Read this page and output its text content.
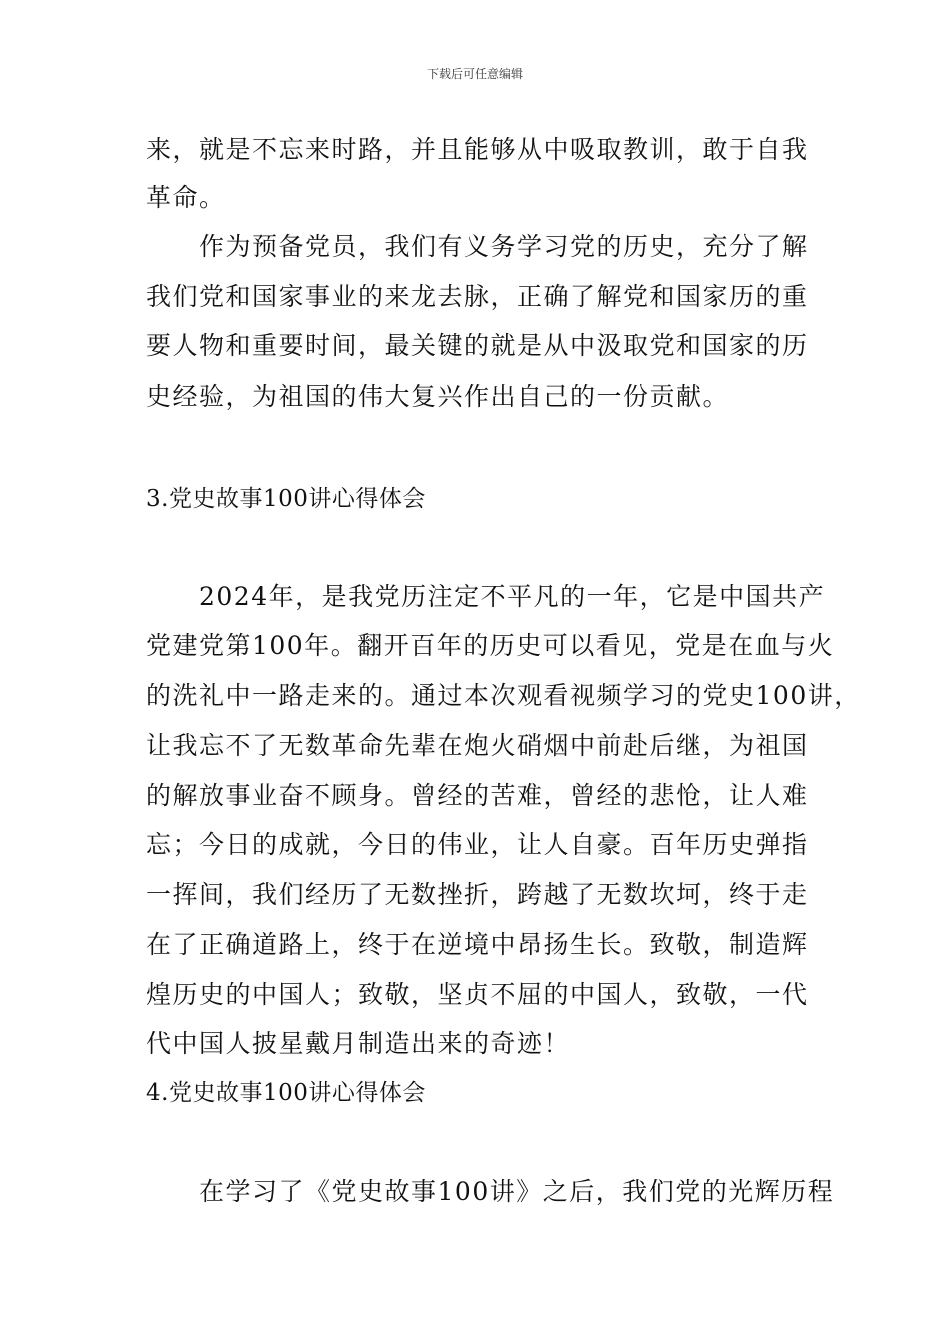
下载后可任意编辑
来，就是不忘来时路，并且能够从中吸取教训，敢于自我
革命。
　　作为预备党员，我们有义务学习党的历史，充分了解
我们党和国家事业的来龙去脉，正确了解党和国家历的重
要人物和重要时间，最关键的就是从中汲取党和国家的历
史经验，为祖国的伟大复兴作出自己的一份贡献。
3.党史故事100讲心得体会
　　2024年，是我党历注定不平凡的一年，它是中国共产
党建党第100年。翻开百年的历史可以看见，党是在血与火
的洗礼中一路走来的。通过本次观看视频学习的党史100讲，
让我忘不了无数革命先辈在炮火硝烟中前赴后继，为祖国
的解放事业奋不顾身。曾经的苦难，曾经的悲怆，让人难
忘；今日的成就，今日的伟业，让人自豪。百年历史弹指
一挥间，我们经历了无数挫折，跨越了无数坎坷，终于走
在了正确道路上，终于在逆境中昂扬生长。致敬，制造辉
煌历史的中国人；致敬，坚贞不屈的中国人，致敬，一代
代中国人披星戴月制造出来的奇迹！
4.党史故事100讲心得体会
　　在学习了《党史故事100讲》之后，我们党的光辉历程
